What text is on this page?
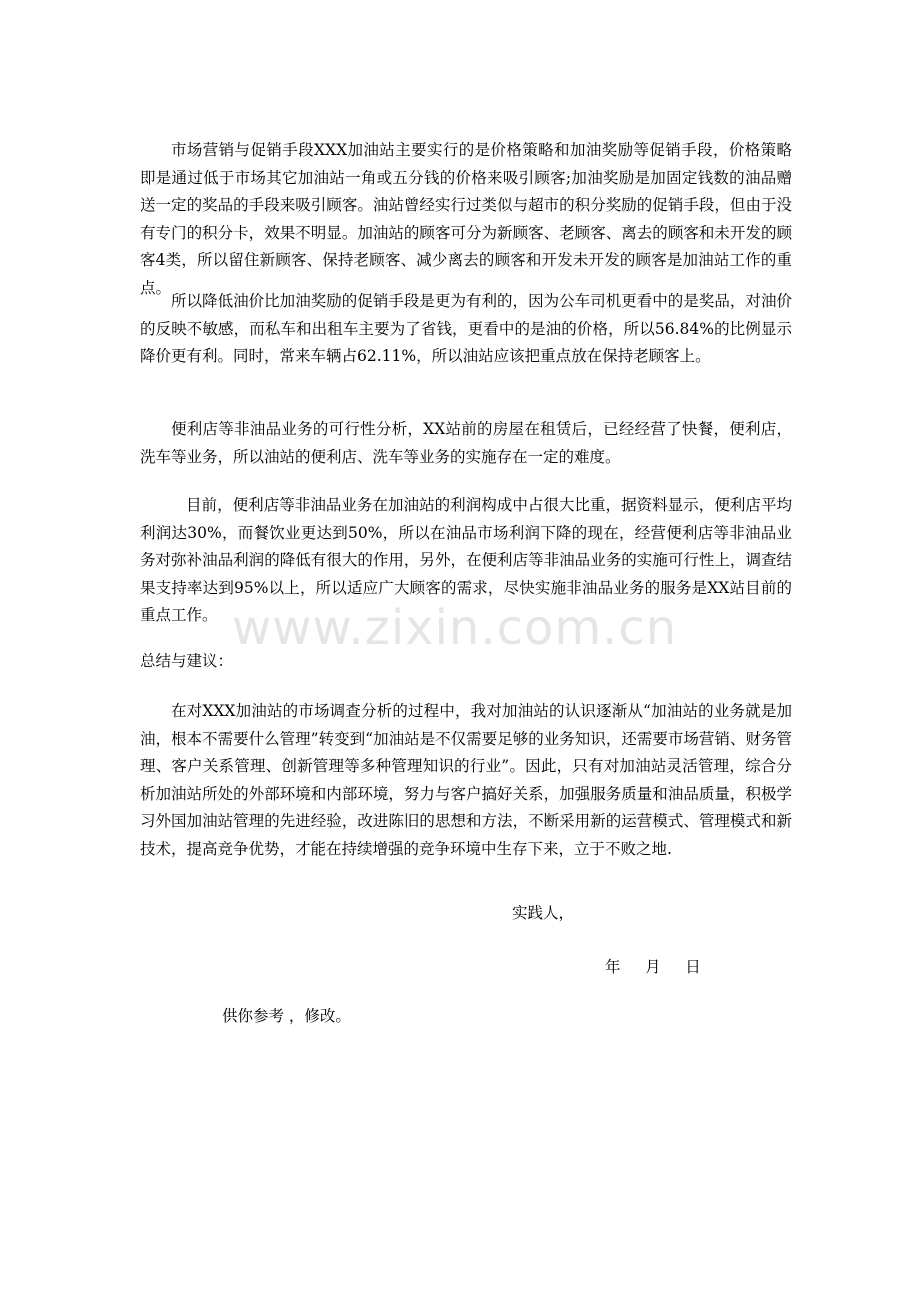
市场营销与促销手段XXX加油站主要实行的是价格策略和加油奖励等促销手段，价格策略即是通过低于市场其它加油站一角或五分钱的价格来吸引顾客;加油奖励是加固定钱数的油品赠送一定的奖品的手段来吸引顾客。油站曾经实行过类似与超市的积分奖励的促销手段，但由于没有专门的积分卡，效果不明显。加油站的顾客可分为新顾客、老顾客、离去的顾客和未开发的顾客4类，所以留住新顾客、保持老顾客、减少离去的顾客和开发未开发的顾客是加油站工作的重点。

所以降低油价比加油奖励的促销手段是更为有利的，因为公车司机更看中的是奖品，对油价的反映不敏感，而私车和出租车主要为了省钱，更看中的是油的价格，所以56.84%的比例显示降价更有利。同时，常来车辆占62.11%，所以油站应该把重点放在保持老顾客上。

便利店等非油品业务的可行性分析，XX站前的房屋在租赁后，已经经营了快餐，便利店，洗车等业务，所以油站的便利店、洗车等业务的实施存在一定的难度。

目前，便利店等非油品业务在加油站的利润构成中占很大比重，据资料显示，便利店平均利润达30%，而餐饮业更达到50%，所以在油品市场利润下降的现在，经营便利店等非油品业务对弥补油品利润的降低有很大的作用，另外，在便利店等非油品业务的实施可行性上，调查结果支持率达到95%以上，所以适应广大顾客的需求，尽快实施非油品业务的服务是XX站目前的重点工作。

总结与建议：

在对XXX加油站的市场调查分析的过程中，我对加油站的认识逐渐从“加油站的业务就是加油，根本不需要什么管理”转变到“加油站是不仅需要足够的业务知识，还需要市场营销、财务管理、客户关系管理、创新管理等多种管理知识的行业”。因此，只有对加油站灵活管理，综合分析加油站所处的外部环境和内部环境，努力与客户搞好关系，加强服务质量和油品质量，积极学习外国加油站管理的先进经验，改进陈旧的思想和方法，不断采用新的运营模式、管理模式和新技术，提高竞争优势，才能在持续增强的竞争环境中生存下来，立于不败之地.

实践人，

年     月     日

供你参考 ，修改。

www.zixin.com.cn
